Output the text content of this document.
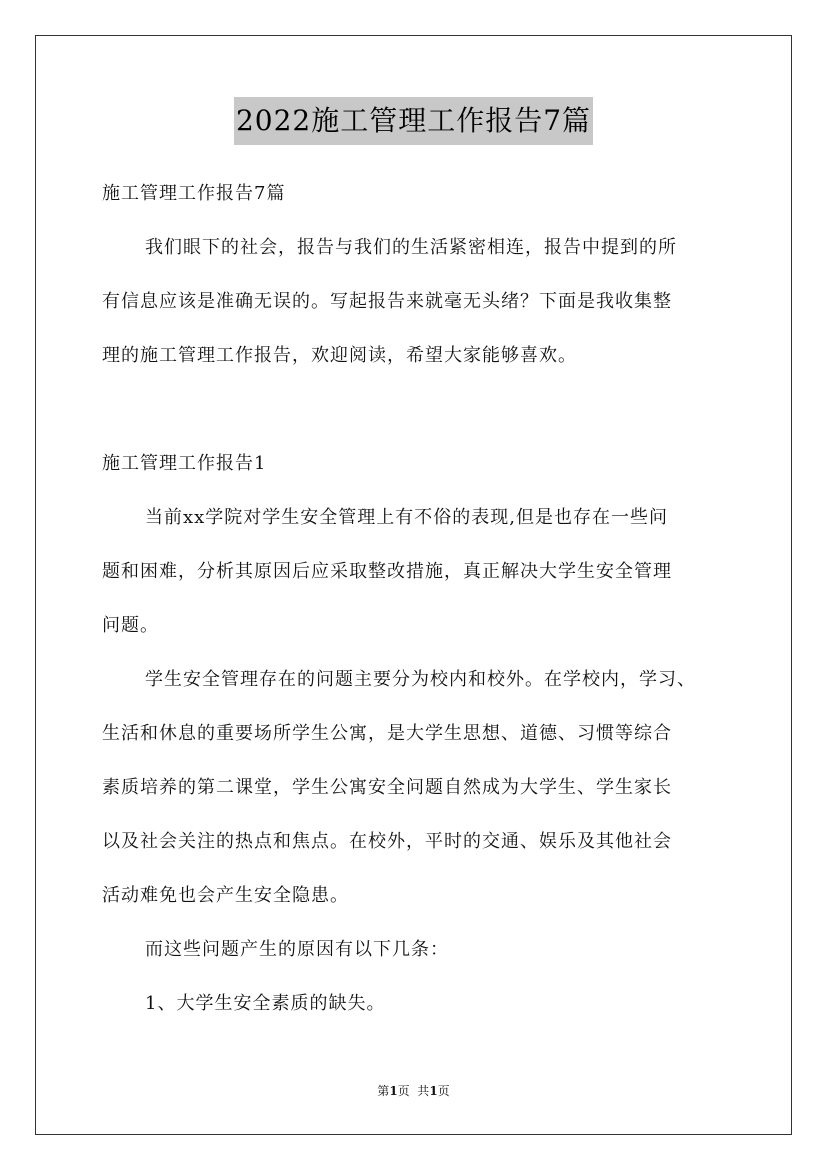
2022施工管理工作报告7篇
施工管理工作报告7篇
我们眼下的社会，报告与我们的生活紧密相连，报告中提到的所
有信息应该是准确无误的。写起报告来就毫无头绪？下面是我收集整
理的施工管理工作报告，欢迎阅读，希望大家能够喜欢。
施工管理工作报告1
当前xx学院对学生安全管理上有不俗的表现,但是也存在一些问
题和困难，分析其原因后应采取整改措施，真正解决大学生安全管理
问题。
学生安全管理存在的问题主要分为校内和校外。在学校内，学习、
生活和休息的重要场所学生公寓，是大学生思想、道德、习惯等综合
素质培养的第二课堂，学生公寓安全问题自然成为大学生、学生家长
以及社会关注的热点和焦点。在校外，平时的交通、娱乐及其他社会
活动难免也会产生安全隐患。
而这些问题产生的原因有以下几条：
1、大学生安全素质的缺失。
第1页  共1页
